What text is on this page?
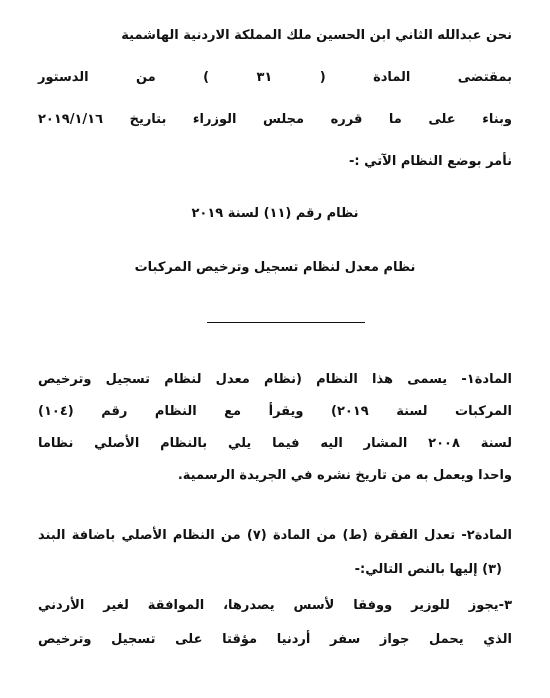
نحن عبدالله الثاني ابن الحسين ملك المملكة الاردنية الهاشمية
بمقتضى المادة ( ٣١ ) من الدستور
وبناء على ما قرره مجلس الوزراء بتاريخ ٢٠١٩/١/١٦
نأمر بوضع النظام الآتي :-
نظام رقم (١١) لسنة ٢٠١٩
نظام معدل لنظام تسجيل وترخيص المركبات
المادة١- يسمى هذا النظام (نظام معدل لنظام تسجيل وترخيص
المركبات لسنة ٢٠١٩) ويقرأ مع النظام رقم (١٠٤)
لسنة ٢٠٠٨ المشار اليه فيما يلي بالنظام الأصلي نظاما
واحدا ويعمل به من تاريخ نشره في الجريدة الرسمية.
المادة٢- تعدل الفقرة (ط) من المادة (٧) من النظام الأصلي باضافة البند
(٣) إليها بالنص التالي:-
٣-يجوز للوزير ووفقا لأسس يصدرها، الموافقة لغير الأردني
الذي يحمل جواز سفر أردنيا مؤقتا على تسجيل وترخيص
